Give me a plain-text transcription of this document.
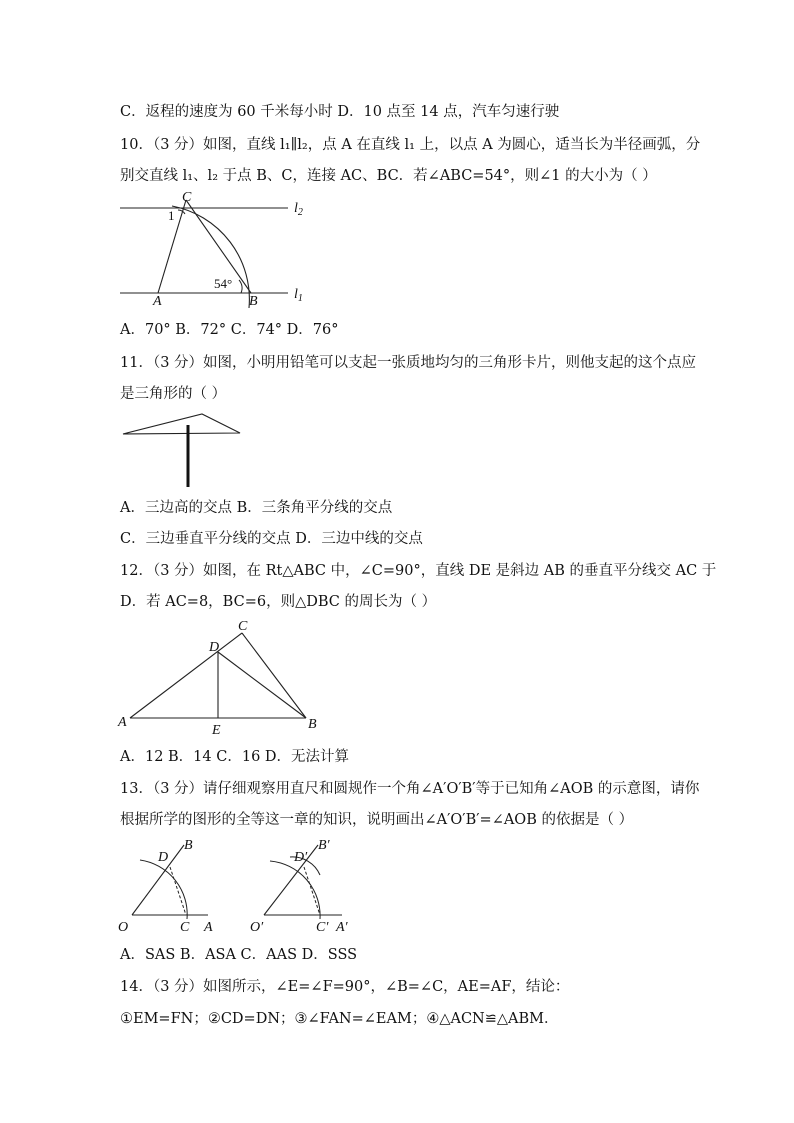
C．返程的速度为 60 千米每小时 D．10 点至 14 点，汽车匀速行驶
10．（3 分）如图，直线 l₁∥l₂，点 A 在直线 l₁ 上，以点 A 为圆心，适当长为半径画弧，分
别交直线 l₁、l₂ 于点 B、C，连接 AC、BC．若∠ABC=54°，则∠1 的大小为（ ）
C
1	$l_2$
54°
A	B	$l_1$
A．70° B．72° C．74° D．76°
11．（3 分）如图，小明用铅笔可以支起一张质地均匀的三角形卡片，则他支起的这个点应
是三角形的（ ）
A．三边高的交点 B．三条角平分线的交点
C．三边垂直平分线的交点 D．三边中线的交点
12．（3 分）如图，在 Rt△ABC 中，∠C=90°，直线 DE 是斜边 AB 的垂直平分线交 AC 于
D．若 AC=8，BC=6，则△DBC 的周长为（ ）
C
D
A
E	B
A．12 B．14 C．16 D．无法计算
13．（3 分）请仔细观察用直尺和圆规作一个角∠A′O′B′等于已知角∠AOB 的示意图，请你
根据所学的图形的全等这一章的知识，说明画出∠A′O′B′=∠AOB 的依据是（ ）
D
B
O	C A
D′
B′
O′	C′ A′
A．SAS B．ASA C．AAS D．SSS
14．（3 分）如图所示，∠E=∠F=90°，∠B=∠C，AE=AF，结论：
①EM=FN；②CD=DN；③∠FAN=∠EAM；④△ACN≌△ABM．
